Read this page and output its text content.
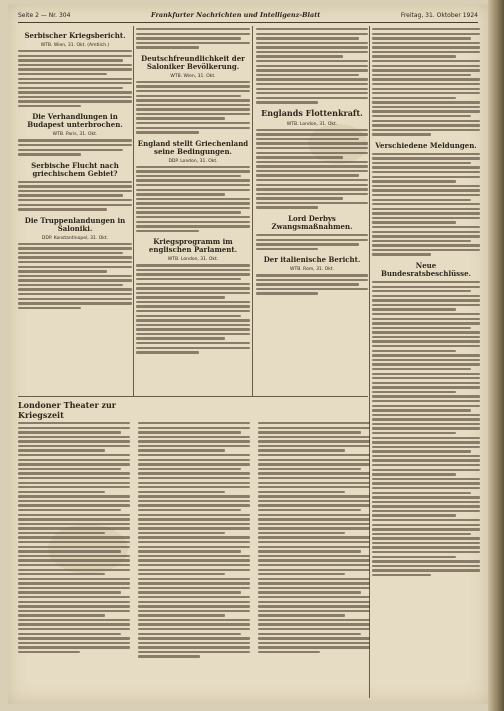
Seite 2 — Nr. 304	Frankfurter Nachrichten und Intelligenz-Blatt	Freitag, 31. Oktober 1924
Serbischer Kriegsbericht.
WTB. Wien, 31. Okt. (Amtlich.)
Die Verhandlungen in Budapest unterbrochen.
WTB. Paris, 31. Okt.
Serbische Flucht nach griechischem Gebiet?
Die Truppenlandungen in Saloniki.
DDP. Konstantinopel, 31. Okt.
Deutschfreundlichkeit der Saloniker Bevölkerung.
WTB. Wien, 31. Okt.
England stellt Griechenland seine Bedingungen.
DDP. London, 31. Okt.
Kriegsprogramm im englischen Parlament.
WTB. London, 31. Okt.
Englands Flottenkraft.
WTB. London, 31. Okt.
Lord Derbys Zwangsmaßnahmen.
Der italienische Bericht.
WTB. Rom, 31. Okt.
Verschiedene Meldungen.
Neue Bundesratsbeschlüsse.
Londoner Theater zur Kriegszeit
